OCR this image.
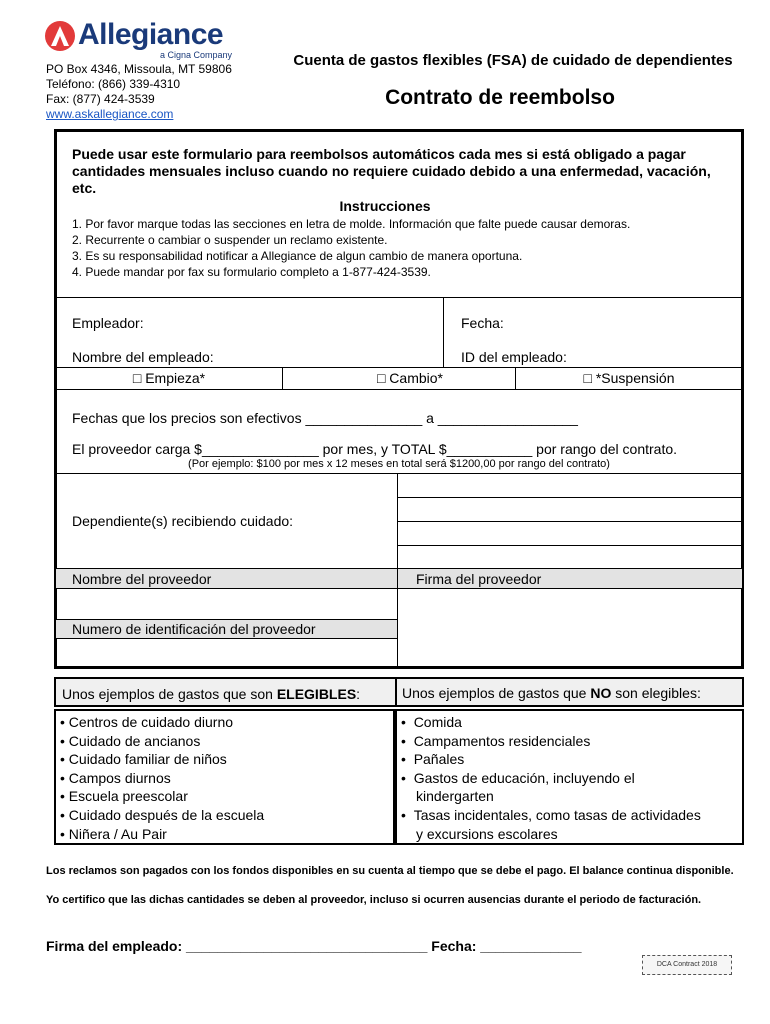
Allegiance
a Cigna Company
PO Box 4346, Missoula, MT 59806
Teléfono: (866) 339-4310
Fax: (877) 424-3539
www.askallegiance.com
Cuenta de gastos flexibles (FSA) de cuidado de dependientes
Contrato de reembolso
Puede usar este formulario para reembolsos automáticos cada mes si está obligado a pagar cantidades mensuales incluso cuando no requiere cuidado debido a una enfermedad, vacación, etc.
Instrucciones
1. Por favor marque todas las secciones en letra de molde. Información que falte puede causar demoras.
2. Recurrente o cambiar o suspender un reclamo existente.
3. Es su responsabilidad notificar a Allegiance de algun cambio de manera oportuna.
4. Puede mandar por fax su formulario completo a 1-877-424-3539.
Empleador:	Fecha:
Nombre del empleado:	ID del empleado:
□ Empieza*	□ Cambio*	□ *Suspensión
Fechas que los precios son efectivos _______________ a __________________
El proveedor carga $_______________ por mes, y TOTAL $___________ por rango del contrato.
(Por ejemplo: $100 por mes x 12 meses en total será $1200,00 por rango del contrato)
Dependiente(s) recibiendo cuidado:
Nombre del proveedor	Firma del proveedor
Numero de identificación del proveedor
Unos ejemplos de gastos que son ELEGIBLES:	Unos ejemplos de gastos que NO son elegibles:
• Centros de cuidado diurno
• Cuidado de ancianos
• Cuidado familiar de niños
• Campos diurnos
• Escuela preescolar
• Cuidado después de la escuela
• Niñera / Au Pair
•  Comida
•  Campamentos residenciales
•  Pañales
•  Gastos de educación, incluyendo el
kindergarten
•  Tasas incidentales, como tasas de actividades
y excursions escolares
Los reclamos son pagados con los fondos disponibles en su cuenta al tiempo que se debe el pago. El balance continua disponible.
Yo certifico que las dichas cantidades se deben al proveedor, incluso si ocurren ausencias durante el periodo de facturación.
Firma del empleado: _______________________________ Fecha: _____________
DCA Contract 2018
